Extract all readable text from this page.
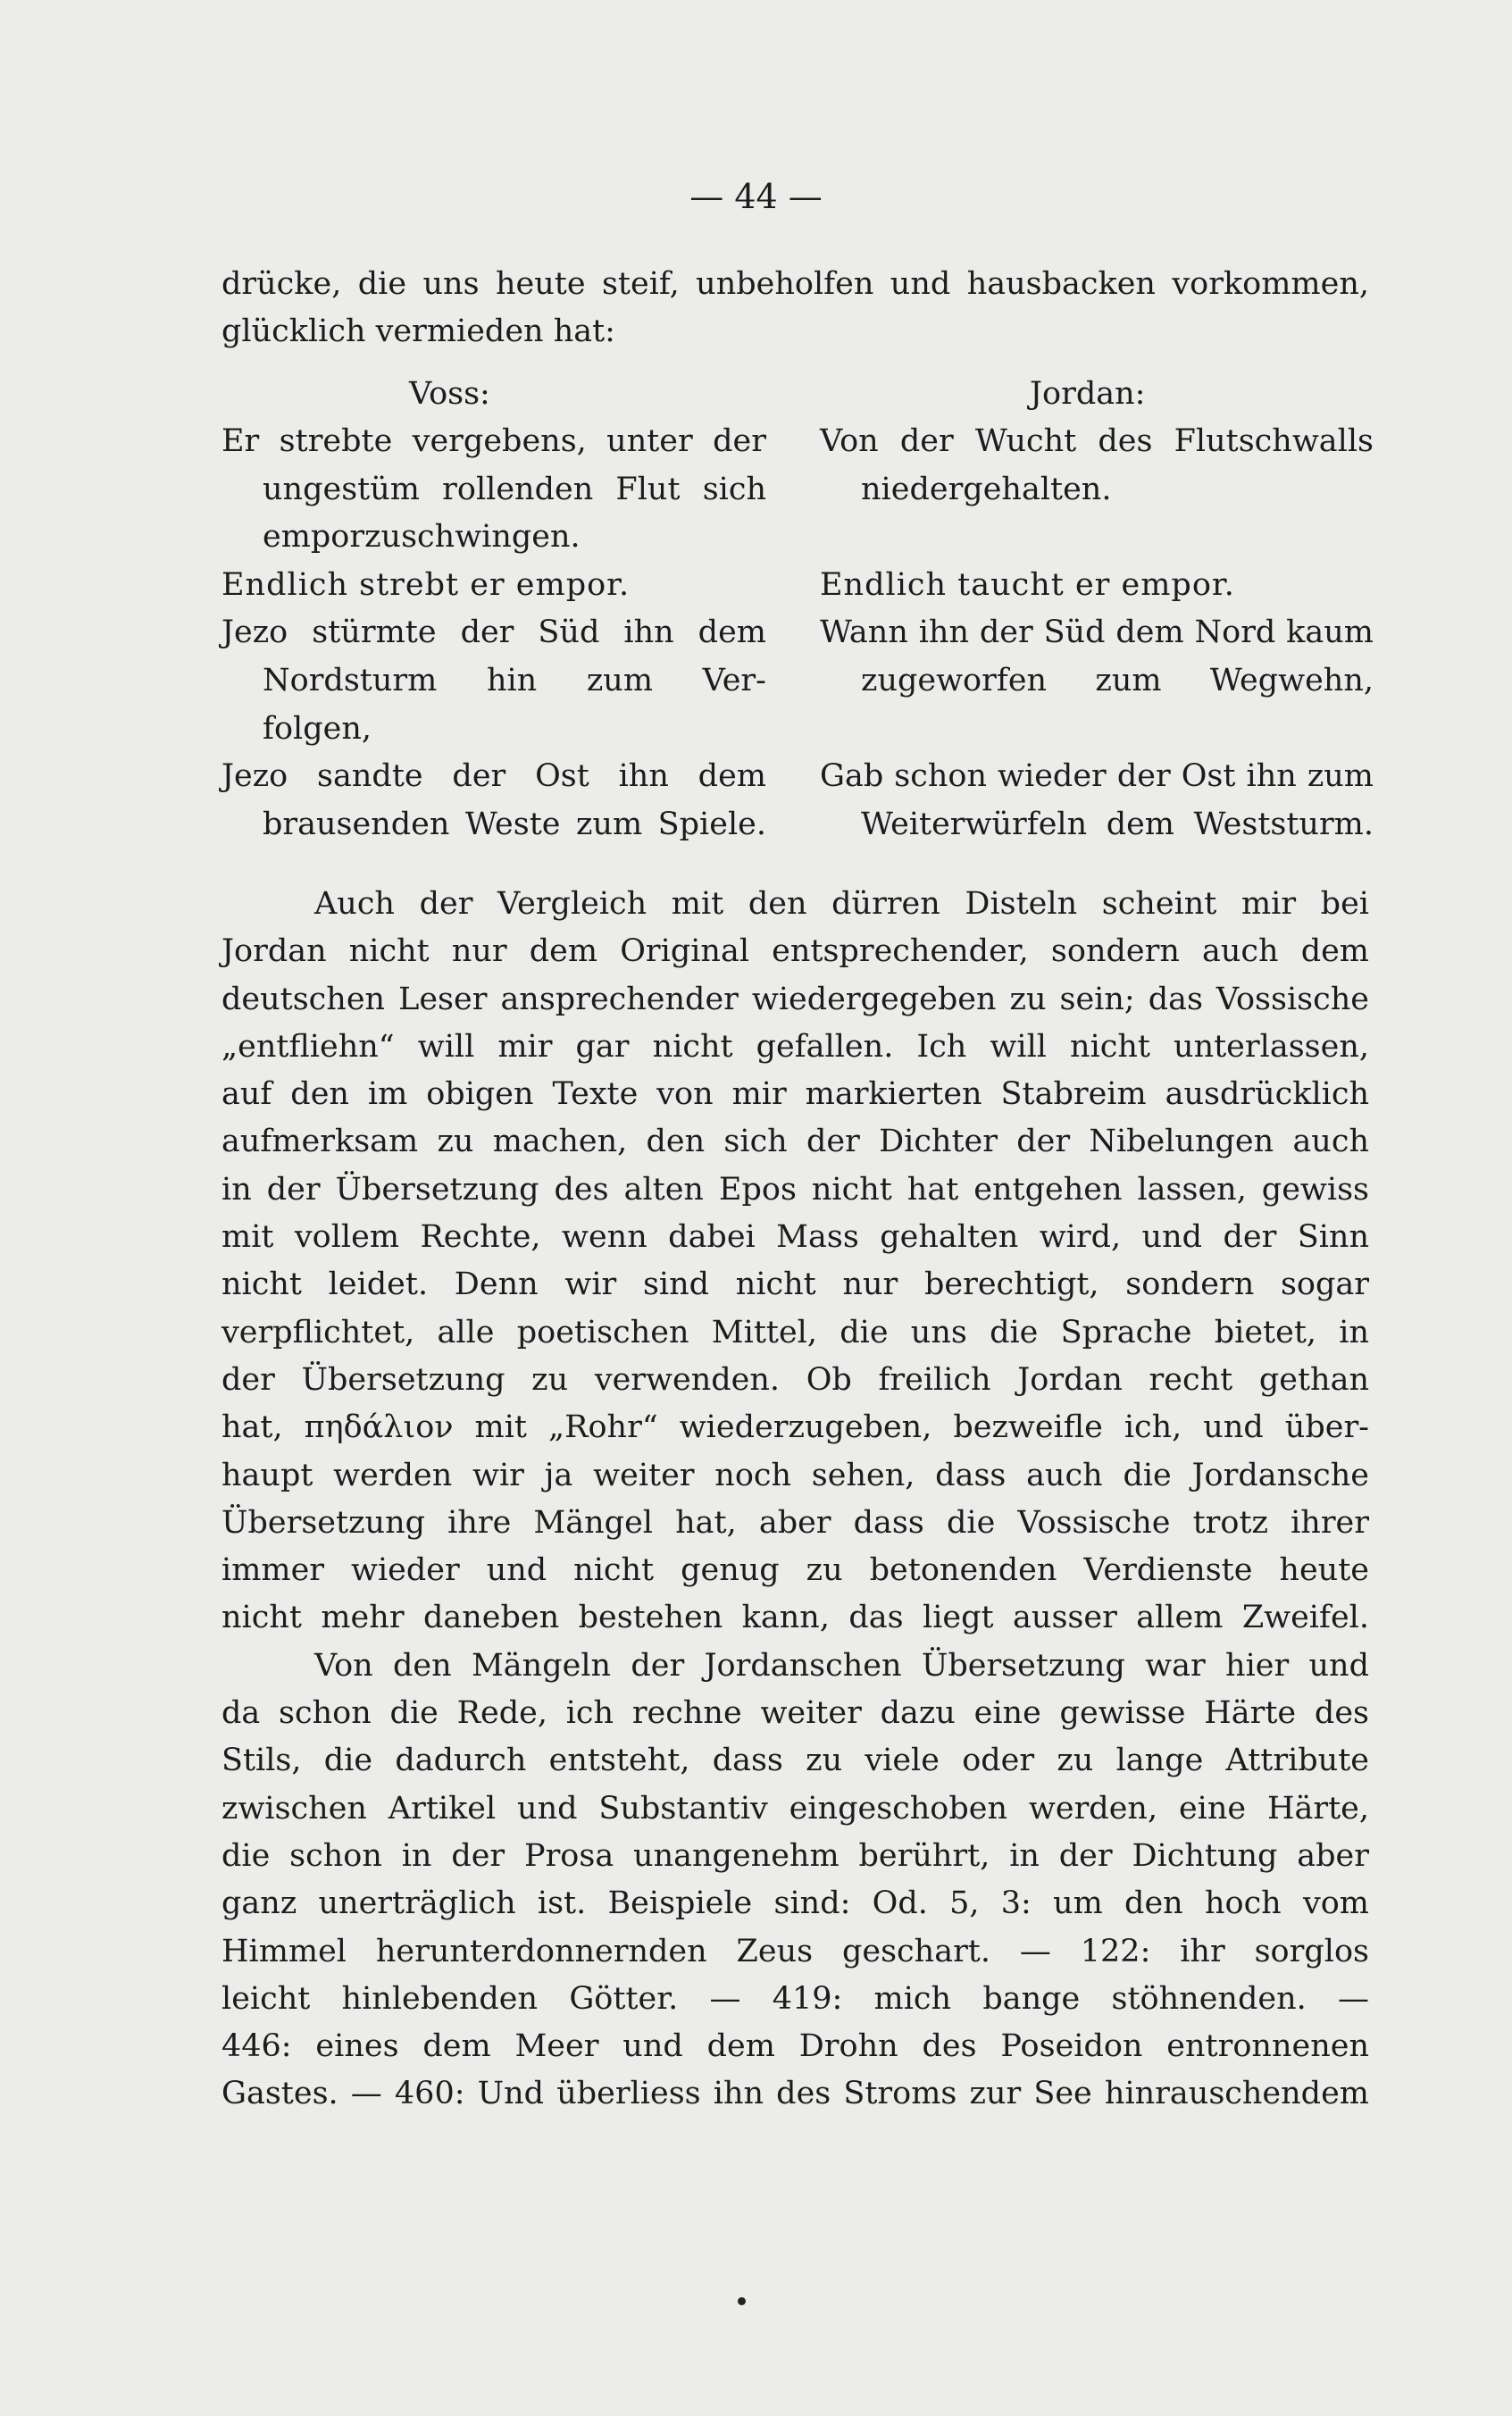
— 44 —
drücke, die uns heute steif, unbeholfen und hausbacken vorkommen,
glücklich vermieden hat:
Voss:
Er strebte vergebens, unter der
ungestüm rollenden Flut sich
emporzuschwingen.
Endlich strebt er empor.
Jezo stürmte der Süd ihn dem
Nordsturm hin zum Ver-
folgen,
Jezo sandte der Ost ihn dem
brausenden Weste zum Spiele.
Jordan:
Von der Wucht des Flutschwalls
niedergehalten.

Endlich taucht er empor.
Wann ihn der Süd dem Nord kaum
zugeworfen zum Wegwehn,

Gab schon wieder der Ost ihn zum
Weiterwürfeln dem Weststurm.
Auch der Vergleich mit den dürren Disteln scheint mir bei
Jordan nicht nur dem Original entsprechender, sondern auch dem
deutschen Leser ansprechender wiedergegeben zu sein; das Vossische
„entfliehn“ will mir gar nicht gefallen. Ich will nicht unterlassen,
auf den im obigen Texte von mir markierten Stabreim ausdrücklich
aufmerksam zu machen, den sich der Dichter der Nibelungen auch
in der Übersetzung des alten Epos nicht hat entgehen lassen, gewiss
mit vollem Rechte, wenn dabei Mass gehalten wird, und der Sinn
nicht leidet. Denn wir sind nicht nur berechtigt, sondern sogar
verpflichtet, alle poetischen Mittel, die uns die Sprache bietet, in
der Übersetzung zu verwenden. Ob freilich Jordan recht gethan
hat, πηδάλιον mit „Rohr“ wiederzugeben, bezweifle ich, und über-
haupt werden wir ja weiter noch sehen, dass auch die Jordansche
Übersetzung ihre Mängel hat, aber dass die Vossische trotz ihrer
immer wieder und nicht genug zu betonenden Verdienste heute
nicht mehr daneben bestehen kann, das liegt ausser allem Zweifel.
Von den Mängeln der Jordanschen Übersetzung war hier und
da schon die Rede, ich rechne weiter dazu eine gewisse Härte des
Stils, die dadurch entsteht, dass zu viele oder zu lange Attribute
zwischen Artikel und Substantiv eingeschoben werden, eine Härte,
die schon in der Prosa unangenehm berührt, in der Dichtung aber
ganz unerträglich ist. Beispiele sind: Od. 5, 3: um den hoch vom
Himmel herunterdonnernden Zeus geschart. — 122: ihr sorglos
leicht hinlebenden Götter. — 419: mich bange stöhnenden. —
446: eines dem Meer und dem Drohn des Poseidon entronnenen
Gastes. — 460: Und überliess ihn des Stroms zur See hinrauschendem
